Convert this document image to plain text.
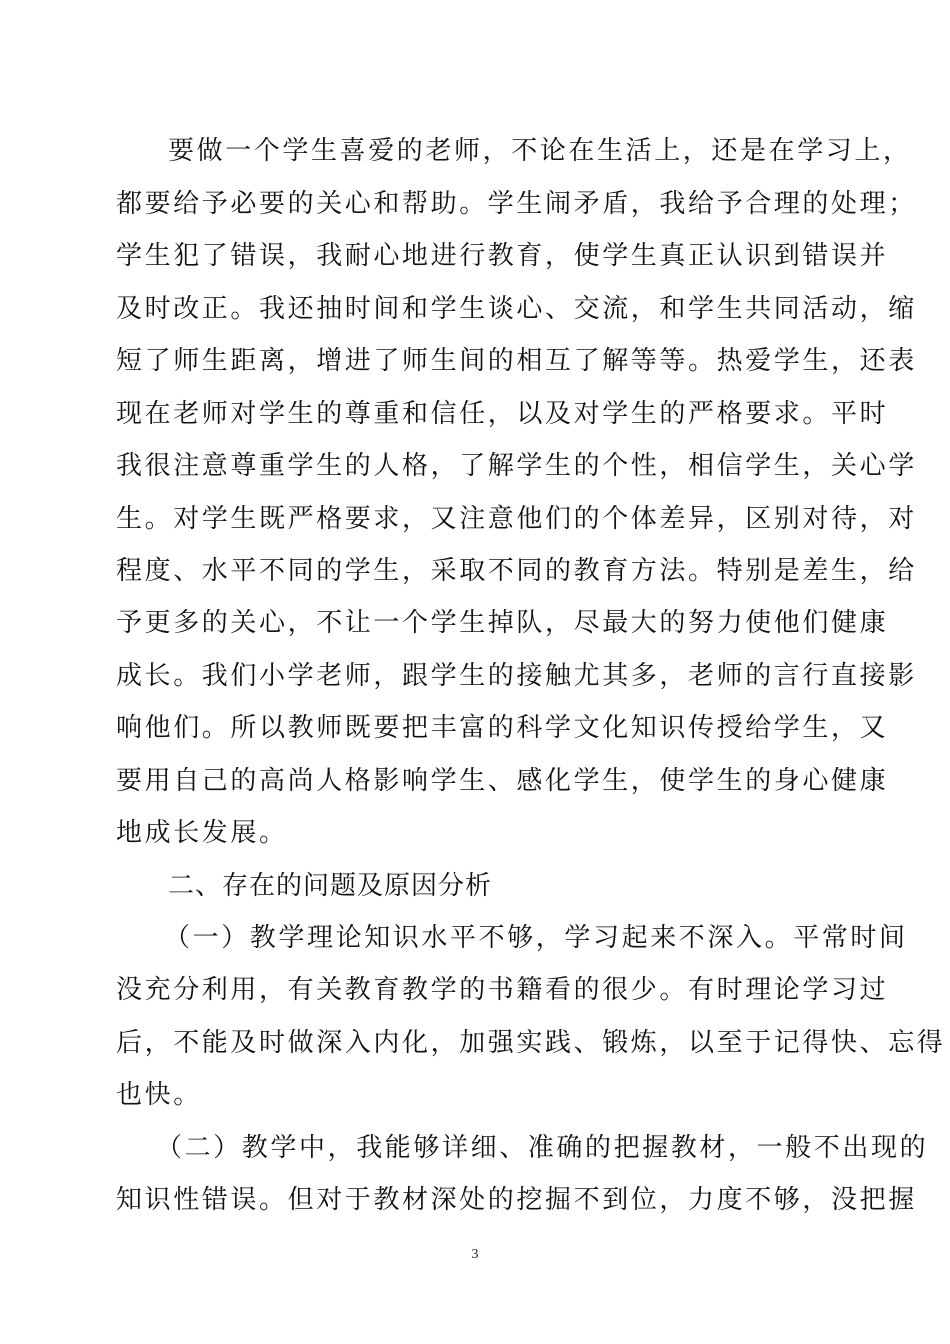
要做一个学生喜爱的老师，不论在生活上，还是在学习上，
都要给予必要的关心和帮助。学生闹矛盾，我给予合理的处理；
学生犯了错误，我耐心地进行教育，使学生真正认识到错误并
及时改正。我还抽时间和学生谈心、交流，和学生共同活动，缩
短了师生距离，增进了师生间的相互了解等等。热爱学生，还表
现在老师对学生的尊重和信任，以及对学生的严格要求。平时
我很注意尊重学生的人格，了解学生的个性，相信学生，关心学
生。对学生既严格要求，又注意他们的个体差异，区别对待，对
程度、水平不同的学生，采取不同的教育方法。特别是差生，给
予更多的关心，不让一个学生掉队，尽最大的努力使他们健康
成长。我们小学老师，跟学生的接触尤其多，老师的言行直接影
响他们。所以教师既要把丰富的科学文化知识传授给学生，又
要用自己的高尚人格影响学生、感化学生，使学生的身心健康
地成长发展。
二、存在的问题及原因分析
（一）教学理论知识水平不够，学习起来不深入。平常时间
没充分利用，有关教育教学的书籍看的很少。有时理论学习过
后，不能及时做深入内化，加强实践、锻炼，以至于记得快、忘得
也快。
（二）教学中，我能够详细、准确的把握教材，一般不出现的
知识性错误。但对于教材深处的挖掘不到位，力度不够，没把握
3
